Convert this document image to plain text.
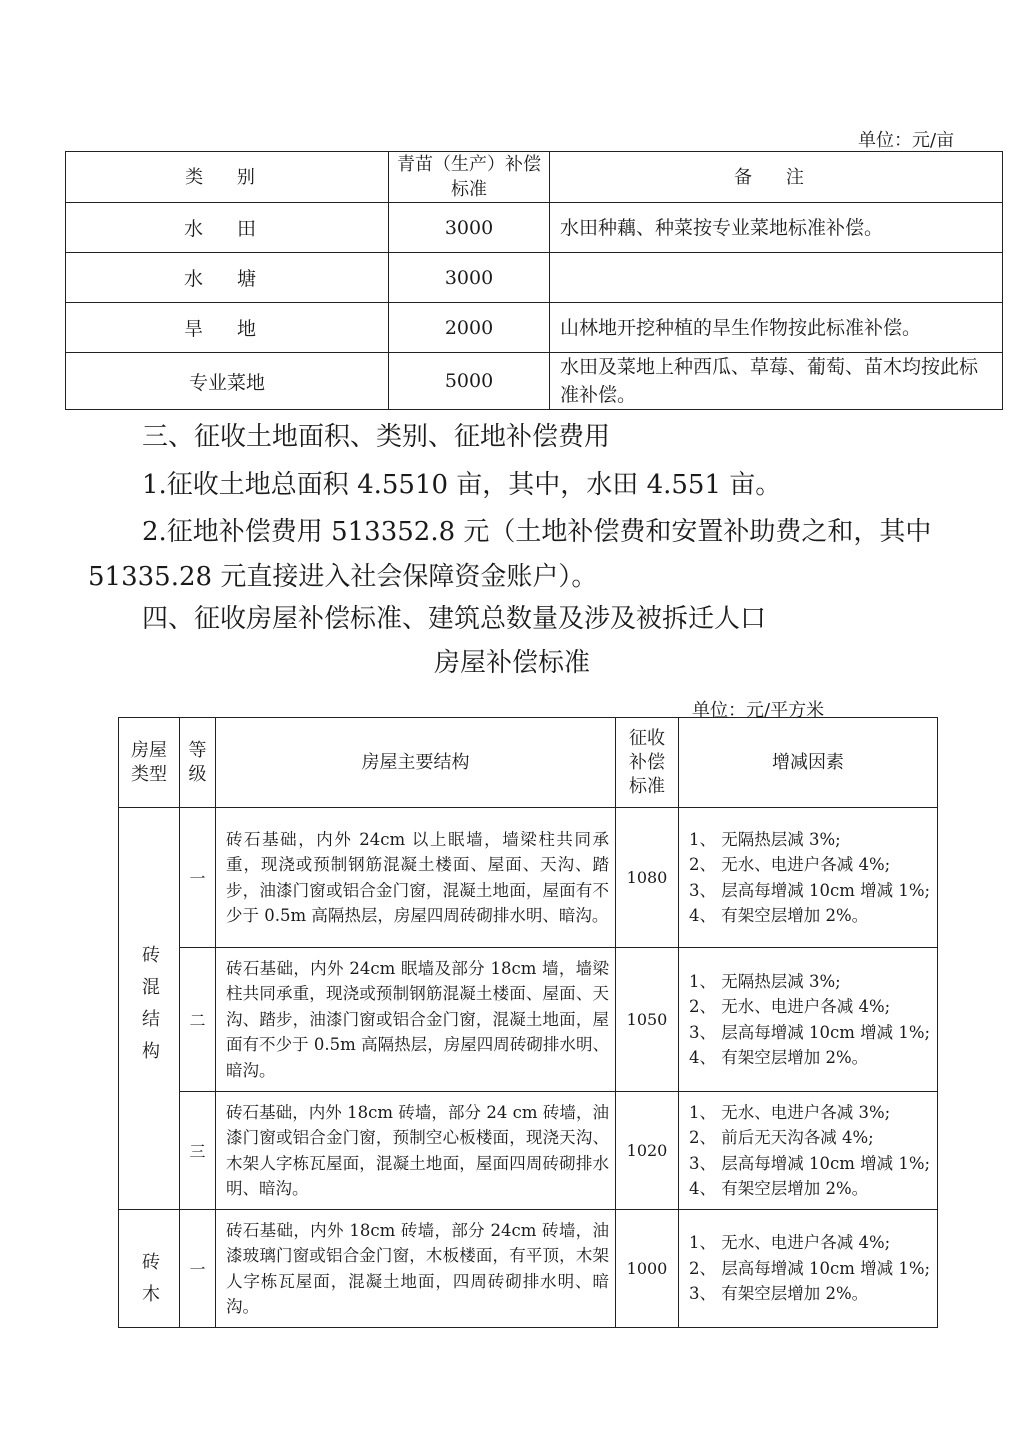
单位：元/亩
类 别	青苗（生产）补偿标准	备 注
水 田	3000	水田种藕、种菜按专业菜地标准补偿。
水 塘	3000	
旱 地	2000	山林地开挖种植的旱生作物按此标准补偿。
专业菜地	5000	水田及菜地上种西瓜、草莓、葡萄、苗木均按此标准补偿。
三、征收土地面积、类别、征地补偿费用
1.征收土地总面积 4.5510 亩，其中，水田 4.551 亩。
2.征地补偿费用 513352.8 元（土地补偿费和安置补助费之和，其中
51335.28 元直接进入社会保障资金账户）。
四、征收房屋补偿标准、建筑总数量及涉及被拆迁人口
房屋补偿标准
单位：元/平方米
房屋类型	等级	房屋主要结构	征收补偿标准	增减因素

砖混结构	一	砖石基础，内外 24cm 以上眠墙，墙梁柱共同承重，现浇或预制钢筋混凝土楼面、屋面、天沟、踏步，油漆门窗或铝合金门窗，混凝土地面，屋面有不少于 0.5m 高隔热层，房屋四周砖砌排水明、暗沟。	1080	1、 无隔热层减 3%;
2、 无水、电进户各减 4%;
3、 层高每增减 10cm 增减 1%;
4、 有架空层增加 2%。

	二	砖石基础，内外 24cm 眠墙及部分 18cm 墙，墙梁柱共同承重，现浇或预制钢筋混凝土楼面、屋面、天沟、踏步，油漆门窗或铝合金门窗，混凝土地面，屋面有不少于 0.5m 高隔热层，房屋四周砖砌排水明、暗沟。	1050	1、 无隔热层减 3%;
2、 无水、电进户各减 4%;
3、 层高每增减 10cm 增减 1%;
4、 有架空层增加 2%。

	三	砖石基础，内外 18cm 砖墙，部分 24 cm 砖墙，油漆门窗或铝合金门窗，预制空心板楼面，现浇天沟、木架人字栋瓦屋面，混凝土地面，屋面四周砖砌排水明、暗沟。	1020	1、 无水、电进户各减 3%;
2、 前后无天沟各减 4%;
3、 层高每增减 10cm 增减 1%;
4、 有架空层增加 2%。

砖木	一	砖石基础，内外 18cm 砖墙，部分 24cm 砖墙，油漆玻璃门窗或铝合金门窗，木板楼面，有平顶，木架人字栋瓦屋面，混凝土地面，四周砖砌排水明、暗沟。	1000	1、 无水、电进户各减 4%;
2、 层高每增减 10cm 增减 1%;
3、 有架空层增加 2%。
